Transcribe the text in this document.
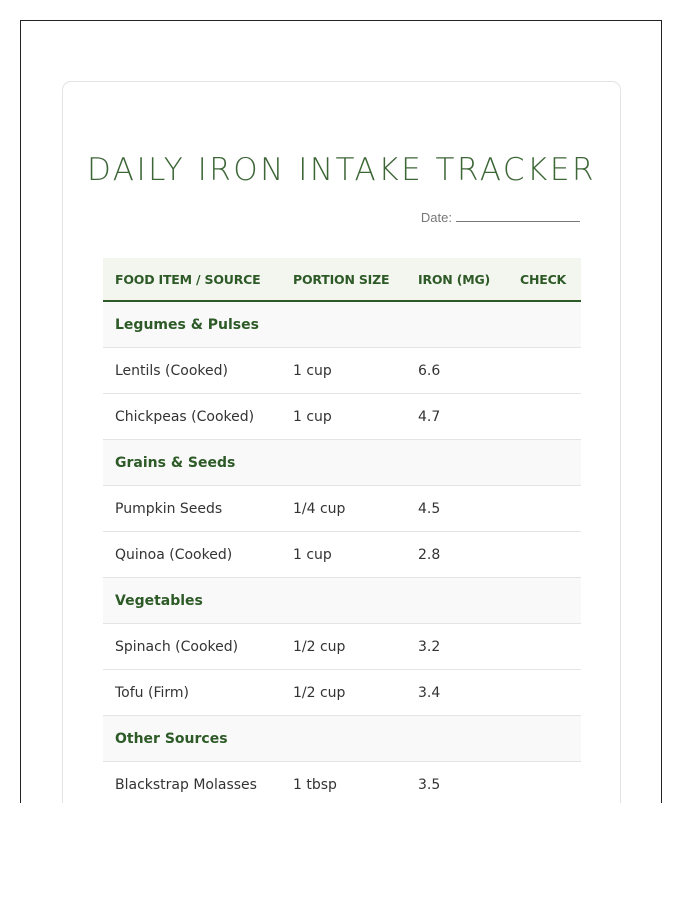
DAILY IRON INTAKE TRACKER
Date:
FOOD ITEM / SOURCE	PORTION SIZE	IRON (MG)	CHECK
Legumes & Pulses			
Lentils (Cooked)	1 cup	6.6	
Chickpeas (Cooked)	1 cup	4.7	
Grains & Seeds			
Pumpkin Seeds	1/4 cup	4.5	
Quinoa (Cooked)	1 cup	2.8	
Vegetables			
Spinach (Cooked)	1/2 cup	3.2	
Tofu (Firm)	1/2 cup	3.4	
Other Sources			
Blackstrap Molasses	1 tbsp	3.5	
